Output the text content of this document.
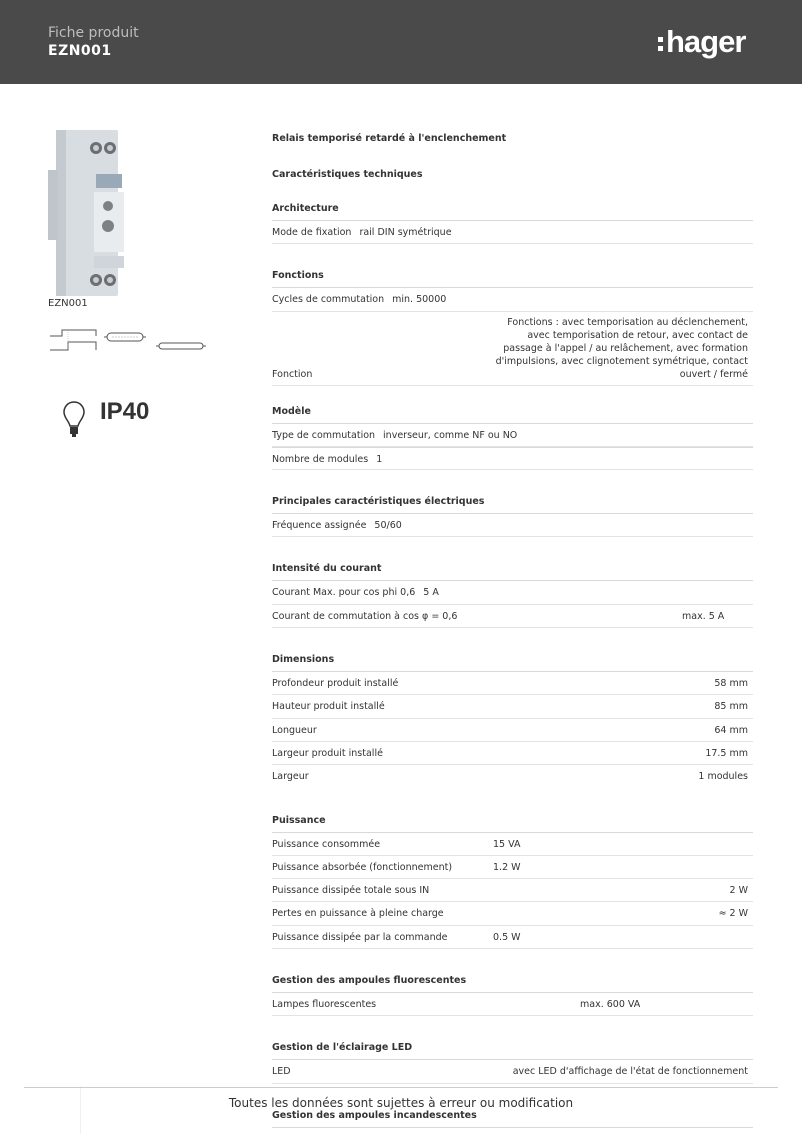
Fiche produit
EZN001	hager
EZN001
IP40
Relais temporisé retardé à l'enclenchement
Caractéristiques techniques
Architecture
Mode de fixation rail DIN symétrique
Fonctions
Cycles de commutation min. 50000
Fonction
Fonctions : avec temporisation au déclenchement, avec temporisation de retour, avec contact de passage à l'appel / au relâchement, avec formation d'impulsions, avec clignotement symétrique, contact ouvert / fermé
Modèle
Type de commutation inverseur, comme NF ou NO
Nombre de modules 1
Principales caractéristiques électriques
Fréquence assignée 50/60
Intensité du courant
Courant Max. pour cos phi 0,6 5 A
Courant de commutation à cos φ = 0,6	max. 5 A
Dimensions
Profondeur produit installé	58 mm
Hauteur produit installé	85 mm
Longueur	64 mm
Largeur produit installé	17.5 mm
Largeur	1 modules
Puissance
Puissance consommée	15 VA
Puissance absorbée (fonctionnement)	1.2 W
Puissance dissipée totale sous IN	2 W
Pertes en puissance à pleine charge	≈ 2 W
Puissance dissipée par la commande	0.5 W
Gestion des ampoules fluorescentes
Lampes fluorescentes	max. 600 VA
Gestion de l'éclairage LED
LED	avec LED d'affichage de l'état de fonctionnement
Gestion des ampoules incandescentes
Toutes les données sont sujettes à erreur ou modification
